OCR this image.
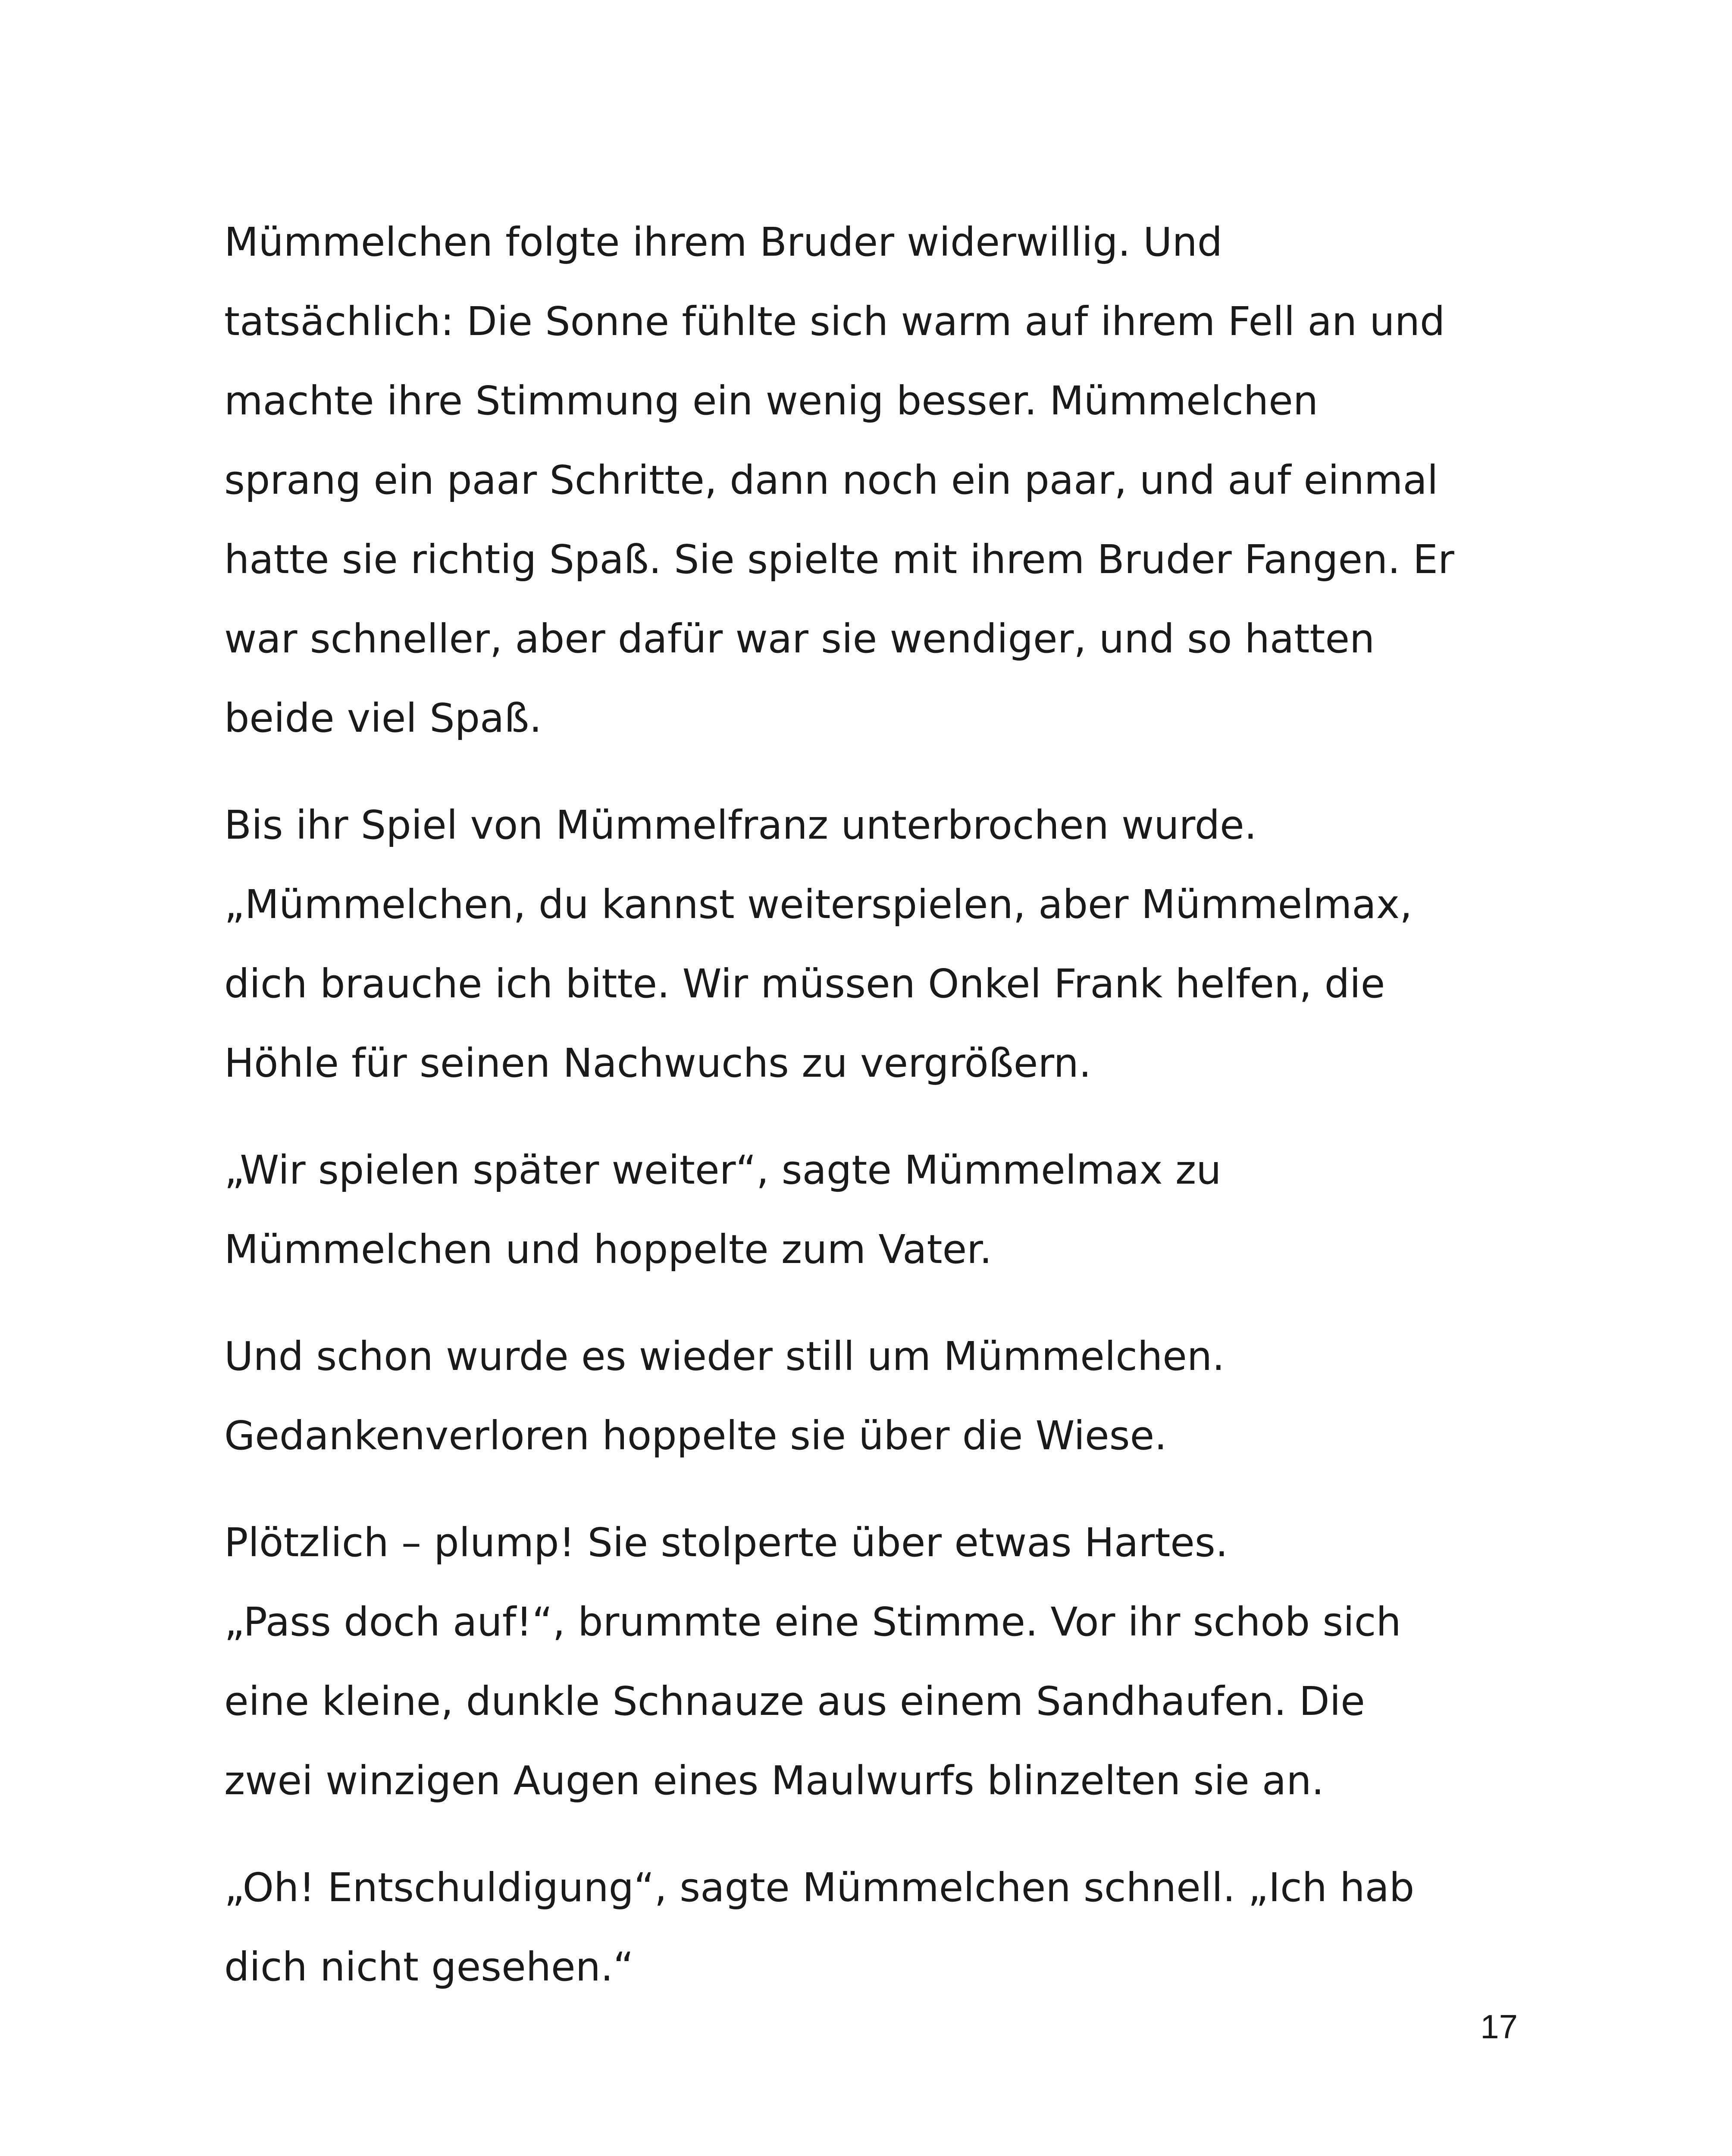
Mümmelchen folgte ihrem Bruder widerwillig. Und
tatsächlich: Die Sonne fühlte sich warm auf ihrem Fell an und
machte ihre Stimmung ein wenig besser. Mümmelchen
sprang ein paar Schritte, dann noch ein paar, und auf einmal
hatte sie richtig Spaß. Sie spielte mit ihrem Bruder Fangen. Er
war schneller, aber dafür war sie wendiger, und so hatten
beide viel Spaß.

Bis ihr Spiel von Mümmelfranz unterbrochen wurde.
„Mümmelchen, du kannst weiterspielen, aber Mümmelmax,
dich brauche ich bitte. Wir müssen Onkel Frank helfen, die
Höhle für seinen Nachwuchs zu vergrößern.

„Wir spielen später weiter“, sagte Mümmelmax zu
Mümmelchen und hoppelte zum Vater.

Und schon wurde es wieder still um Mümmelchen.
Gedankenverloren hoppelte sie über die Wiese.

Plötzlich – plump! Sie stolperte über etwas Hartes.
„Pass doch auf!“, brummte eine Stimme. Vor ihr schob sich
eine kleine, dunkle Schnauze aus einem Sandhaufen. Die
zwei winzigen Augen eines Maulwurfs blinzelten sie an.

„Oh! Entschuldigung“, sagte Mümmelchen schnell. „Ich hab
dich nicht gesehen.“

17
